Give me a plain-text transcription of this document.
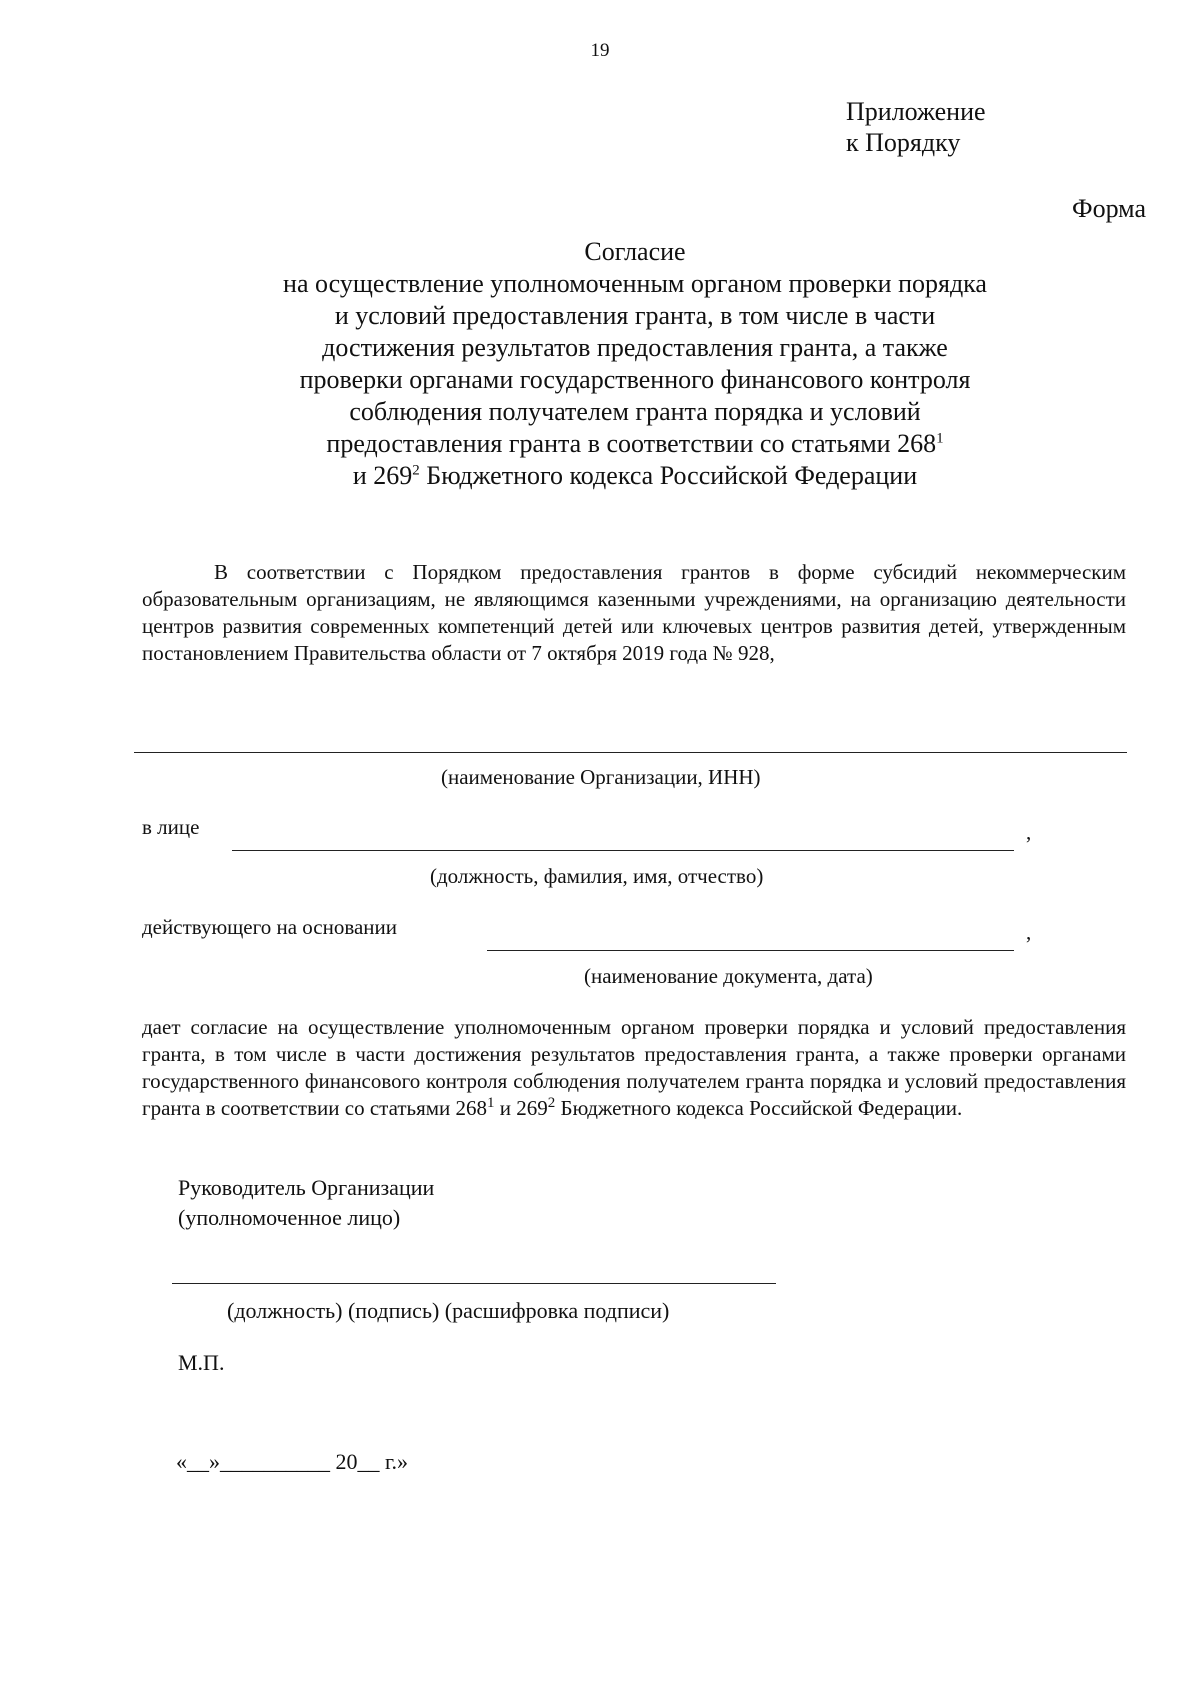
19
Приложение
к Порядку
Форма
Согласие
на осуществление уполномоченным органом проверки порядка
и условий предоставления гранта, в том числе в части
достижения результатов предоставления гранта, а также
проверки органами государственного финансового контроля
соблюдения получателем гранта порядка и условий
предоставления гранта в соответствии со статьями $268^1$
и $269^2$ Бюджетного кодекса Российской Федерации
В соответствии с Порядком предоставления грантов в форме субсидий некоммерческим образовательным организациям, не являющимся казенными учреждениями, на организацию деятельности центров развития современных компетенций детей или ключевых центров развития детей, утвержденным постановлением Правительства области от 7 октября 2019 года № 928,
(наименование Организации, ИНН)
в лице	,
(должность, фамилия, имя, отчество)
действующего на основании	,
(наименование документа, дата)
дает согласие на осуществление уполномоченным органом проверки порядка и условий предоставления гранта, в том числе в части достижения результатов предоставления гранта, а также проверки органами государственного финансового контроля соблюдения получателем гранта порядка и условий предоставления гранта в соответствии со статьями $268^1$ и $269^2$ Бюджетного кодекса Российской Федерации.
Руководитель Организации
(уполномоченное лицо)
(должность) (подпись) (расшифровка подписи)
М.П.
«__»__________ 20__ г.»
